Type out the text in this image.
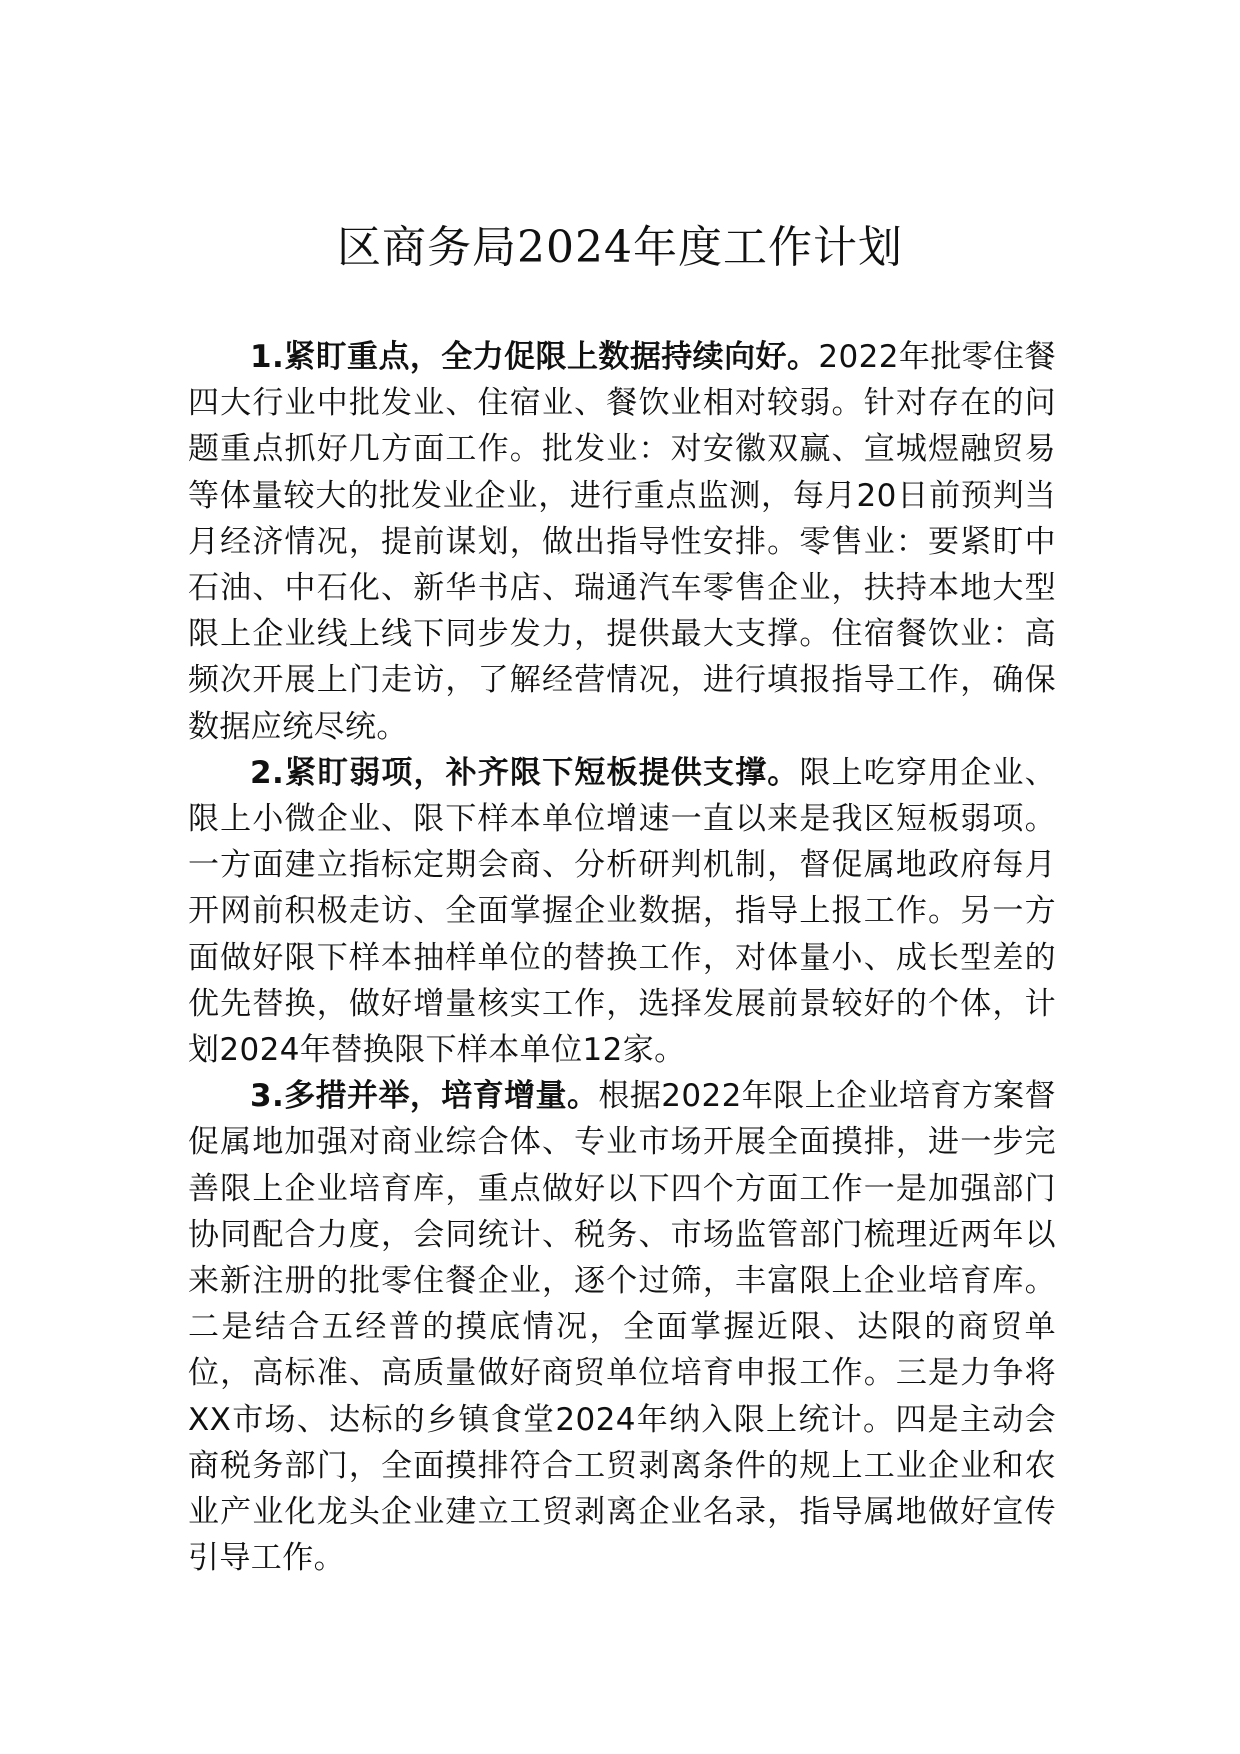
区商务局2024年度工作计划

1.紧盯重点，全力促限上数据持续向好。2022年批零住餐四大行业中批发业、住宿业、餐饮业相对较弱。针对存在的问题重点抓好几方面工作。批发业：对安徽双赢、宣城煜融贸易等体量较大的批发业企业，进行重点监测，每月20日前预判当月经济情况，提前谋划，做出指导性安排。零售业：要紧盯中石油、中石化、新华书店、瑞通汽车零售企业，扶持本地大型限上企业线上线下同步发力，提供最大支撑。住宿餐饮业：高频次开展上门走访，了解经营情况，进行填报指导工作，确保数据应统尽统。

2.紧盯弱项，补齐限下短板提供支撑。限上吃穿用企业、限上小微企业、限下样本单位增速一直以来是我区短板弱项。一方面建立指标定期会商、分析研判机制，督促属地政府每月开网前积极走访、全面掌握企业数据，指导上报工作。另一方面做好限下样本抽样单位的替换工作，对体量小、成长型差的优先替换，做好增量核实工作，选择发展前景较好的个体，计划2024年替换限下样本单位12家。

3.多措并举，培育增量。根据2022年限上企业培育方案督促属地加强对商业综合体、专业市场开展全面摸排，进一步完善限上企业培育库，重点做好以下四个方面工作一是加强部门协同配合力度，会同统计、税务、市场监管部门梳理近两年以来新注册的批零住餐企业，逐个过筛，丰富限上企业培育库。二是结合五经普的摸底情况，全面掌握近限、达限的商贸单位，高标准、高质量做好商贸单位培育申报工作。三是力争将XX市场、达标的乡镇食堂2024年纳入限上统计。四是主动会商税务部门，全面摸排符合工贸剥离条件的规上工业企业和农业产业化龙头企业建立工贸剥离企业名录，指导属地做好宣传引导工作。
